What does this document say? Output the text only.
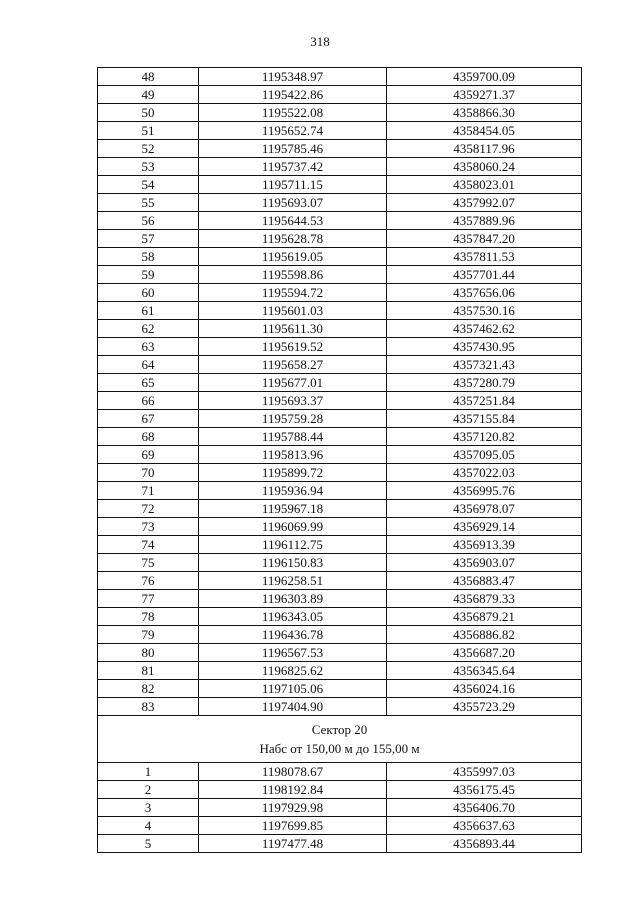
318
48	1195348.97	4359700.09
49	1195422.86	4359271.37
50	1195522.08	4358866.30
51	1195652.74	4358454.05
52	1195785.46	4358117.96
53	1195737.42	4358060.24
54	1195711.15	4358023.01
55	1195693.07	4357992.07
56	1195644.53	4357889.96
57	1195628.78	4357847.20
58	1195619.05	4357811.53
59	1195598.86	4357701.44
60	1195594.72	4357656.06
61	1195601.03	4357530.16
62	1195611.30	4357462.62
63	1195619.52	4357430.95
64	1195658.27	4357321.43
65	1195677.01	4357280.79
66	1195693.37	4357251.84
67	1195759.28	4357155.84
68	1195788.44	4357120.82
69	1195813.96	4357095.05
70	1195899.72	4357022.03
71	1195936.94	4356995.76
72	1195967.18	4356978.07
73	1196069.99	4356929.14
74	1196112.75	4356913.39
75	1196150.83	4356903.07
76	1196258.51	4356883.47
77	1196303.89	4356879.33
78	1196343.05	4356879.21
79	1196436.78	4356886.82
80	1196567.53	4356687.20
81	1196825.62	4356345.64
82	1197105.06	4356024.16
83	1197404.90	4355723.29

Сектор 20
Набс от 150,00 м до 155,00 м		

1	1198078.67	4355997.03
2	1198192.84	4356175.45
3	1197929.98	4356406.70
4	1197699.85	4356637.63
5	1197477.48	4356893.44
